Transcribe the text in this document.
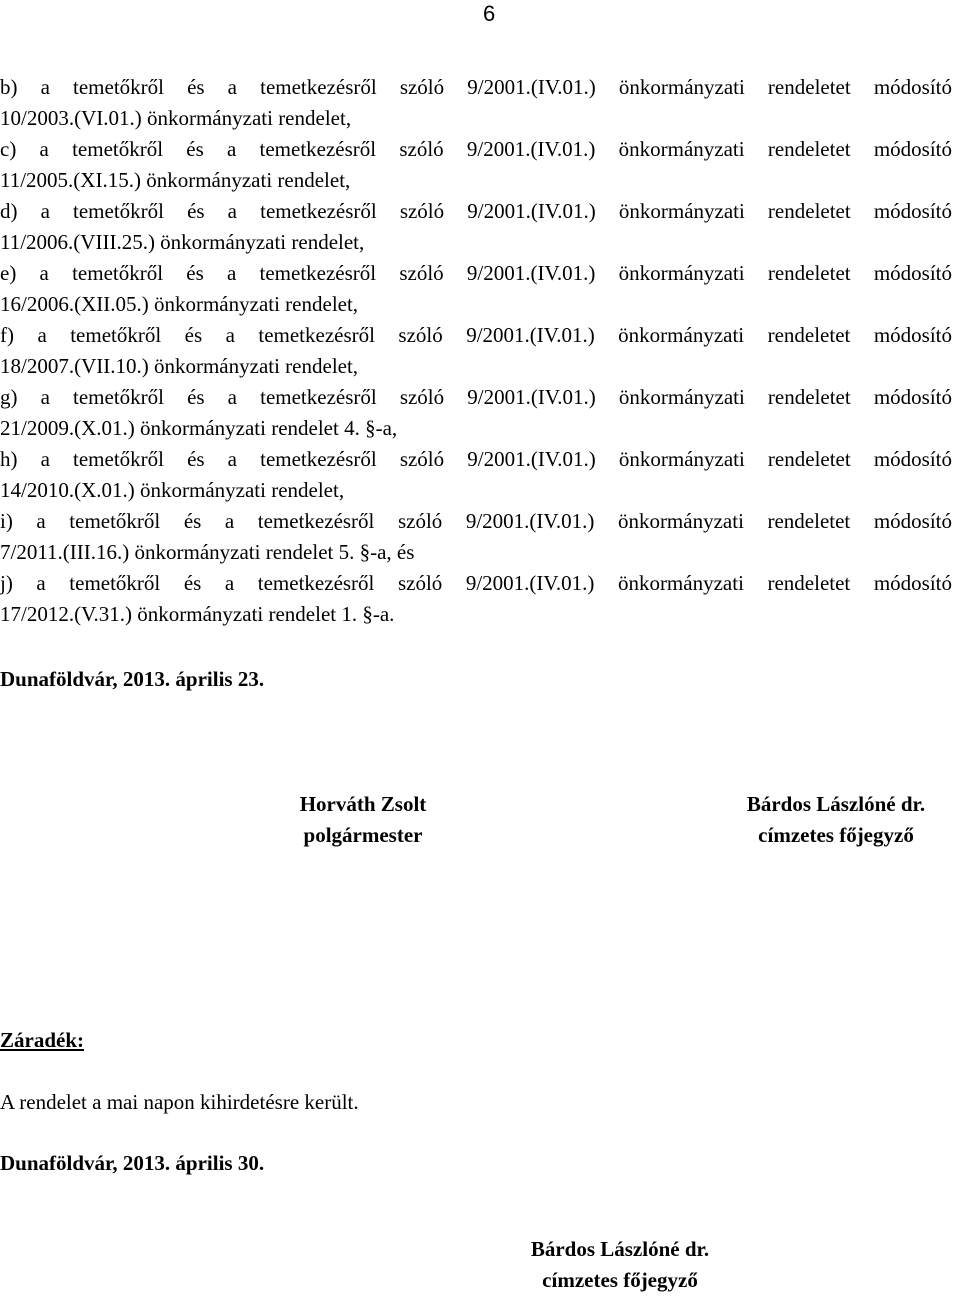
6
b) a temetőkről és a temetkezésről szóló 9/2001.(IV.01.) önkormányzati rendeletet módosító
10/2003.(VI.01.) önkormányzati rendelet,
c) a temetőkről és a temetkezésről szóló 9/2001.(IV.01.) önkormányzati rendeletet módosító
11/2005.(XI.15.) önkormányzati rendelet,
d) a temetőkről és a temetkezésről szóló 9/2001.(IV.01.) önkormányzati rendeletet módosító
11/2006.(VIII.25.) önkormányzati rendelet,
e) a temetőkről és a temetkezésről szóló 9/2001.(IV.01.) önkormányzati rendeletet módosító
16/2006.(XII.05.) önkormányzati rendelet,
f) a temetőkről és a temetkezésről szóló 9/2001.(IV.01.) önkormányzati rendeletet módosító
18/2007.(VII.10.) önkormányzati rendelet,
g) a temetőkről és a temetkezésről szóló 9/2001.(IV.01.) önkormányzati rendeletet módosító
21/2009.(X.01.) önkormányzati rendelet 4. §-a,
h) a temetőkről és a temetkezésről szóló 9/2001.(IV.01.) önkormányzati rendeletet módosító
14/2010.(X.01.) önkormányzati rendelet,
i) a temetőkről és a temetkezésről szóló 9/2001.(IV.01.) önkormányzati rendeletet módosító
7/2011.(III.16.) önkormányzati rendelet 5. §-a, és
j) a temetőkről és a temetkezésről szóló 9/2001.(IV.01.) önkormányzati rendeletet módosító
17/2012.(V.31.) önkormányzati rendelet 1. §-a.
Dunaföldvár, 2013. április 23.
Horváth Zsolt
polgármester
Bárdos Lászlóné dr.
címzetes főjegyző
Záradék:
A rendelet a mai napon kihirdetésre került.
Dunaföldvár, 2013. április 30.
Bárdos Lászlóné dr.
címzetes főjegyző
